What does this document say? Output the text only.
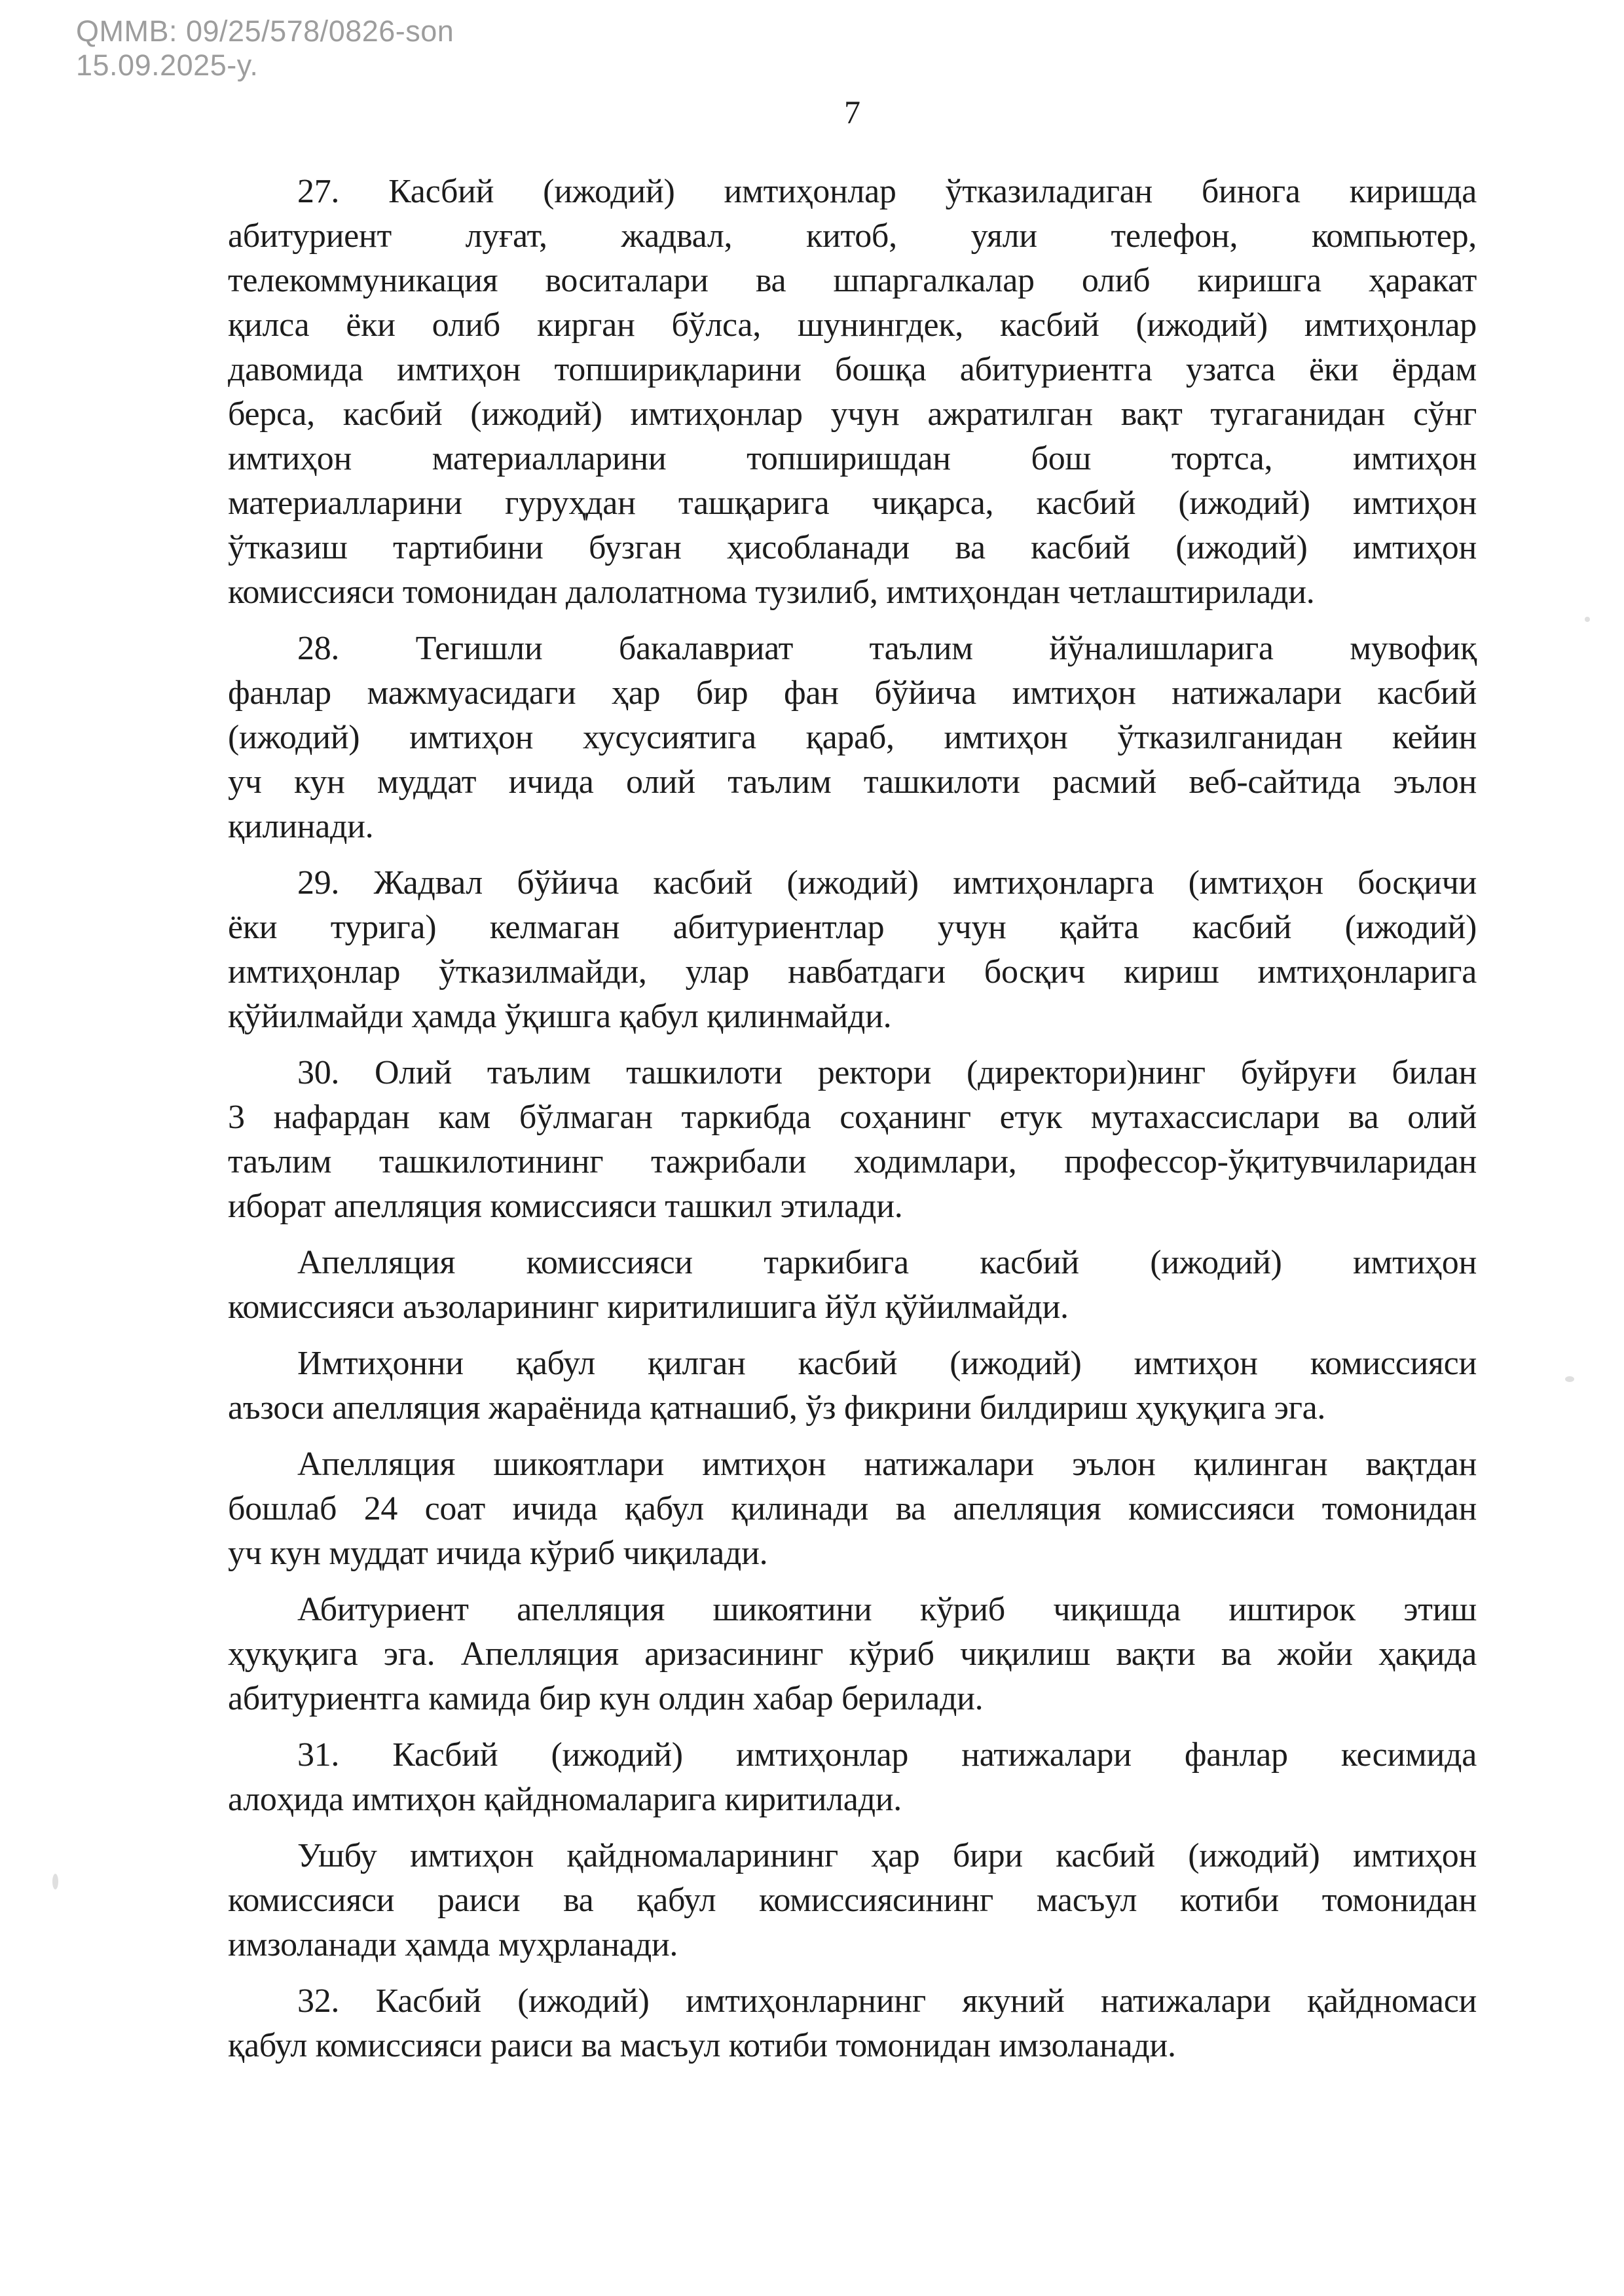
QMMB: 09/25/578/0826-son
15.09.2025-y.
7
27. Касбий (ижодий) имтиҳонлар ўтказиладиган бинога киришда
абитуриент луғат, жадвал, китоб, уяли телефон, компьютер,
телекоммуникация воситалари ва шпаргалкалар олиб киришга ҳаракат
қилса ёки олиб кирган бўлса, шунингдек, касбий (ижодий) имтиҳонлар
давомида имтиҳон топшириқларини бошқа абитуриентга узатса ёки ёрдам
берса, касбий (ижодий) имтиҳонлар учун ажратилган вақт тугаганидан сўнг
имтиҳон материалларини топширишдан бош тортса, имтиҳон
материалларини гуруҳдан ташқарига чиқарса, касбий (ижодий) имтиҳон
ўтказиш тартибини бузган ҳисобланади ва касбий (ижодий) имтиҳон
комиссияси томонидан далолатнома тузилиб, имтиҳондан четлаштирилади.
28. Тегишли бакалавриат таълим йўналишларига мувофиқ
фанлар мажмуасидаги ҳар бир фан бўйича имтиҳон натижалари касбий
(ижодий) имтиҳон хусусиятига қараб, имтиҳон ўтказилганидан кейин
уч кун муддат ичида олий таълим ташкилоти расмий веб-сайтида эълон
қилинади.
29. Жадвал бўйича касбий (ижодий) имтиҳонларга (имтиҳон босқичи
ёки турига) келмаган абитуриентлар учун қайта касбий (ижодий)
имтиҳонлар ўтказилмайди, улар навбатдаги босқич кириш имтиҳонларига
қўйилмайди ҳамда ўқишга қабул қилинмайди.
30. Олий таълим ташкилоти ректори (директори)нинг буйруғи билан
3 нафардан кам бўлмаган таркибда соҳанинг етук мутахассислари ва олий
таълим ташкилотининг тажрибали ходимлари, профессор-ўқитувчиларидан
иборат апелляция комиссияси ташкил этилади.
Апелляция комиссияси таркибига касбий (ижодий) имтиҳон
комиссияси аъзоларининг киритилишига йўл қўйилмайди.
Имтиҳонни қабул қилган касбий (ижодий) имтиҳон комиссияси
аъзоси апелляция жараёнида қатнашиб, ўз фикрини билдириш ҳуқуқига эга.
Апелляция шикоятлари имтиҳон натижалари эълон қилинган вақтдан
бошлаб 24 соат ичида қабул қилинади ва апелляция комиссияси томонидан
уч кун муддат ичида кўриб чиқилади.
Абитуриент апелляция шикоятини кўриб чиқишда иштирок этиш
ҳуқуқига эга. Апелляция аризасининг кўриб чиқилиш вақти ва жойи ҳақида
абитуриентга камида бир кун олдин хабар берилади.
31. Касбий (ижодий) имтиҳонлар натижалари фанлар кесимида
алоҳида имтиҳон қайдномаларига киритилади.
Ушбу имтиҳон қайдномаларининг ҳар бири касбий (ижодий) имтиҳон
комиссияси раиси ва қабул комиссиясининг масъул котиби томонидан
имзоланади ҳамда муҳрланади.
32. Касбий (ижодий) имтиҳонларнинг якуний натижалари қайдномаси
қабул комиссияси раиси ва масъул котиби томонидан имзоланади.
